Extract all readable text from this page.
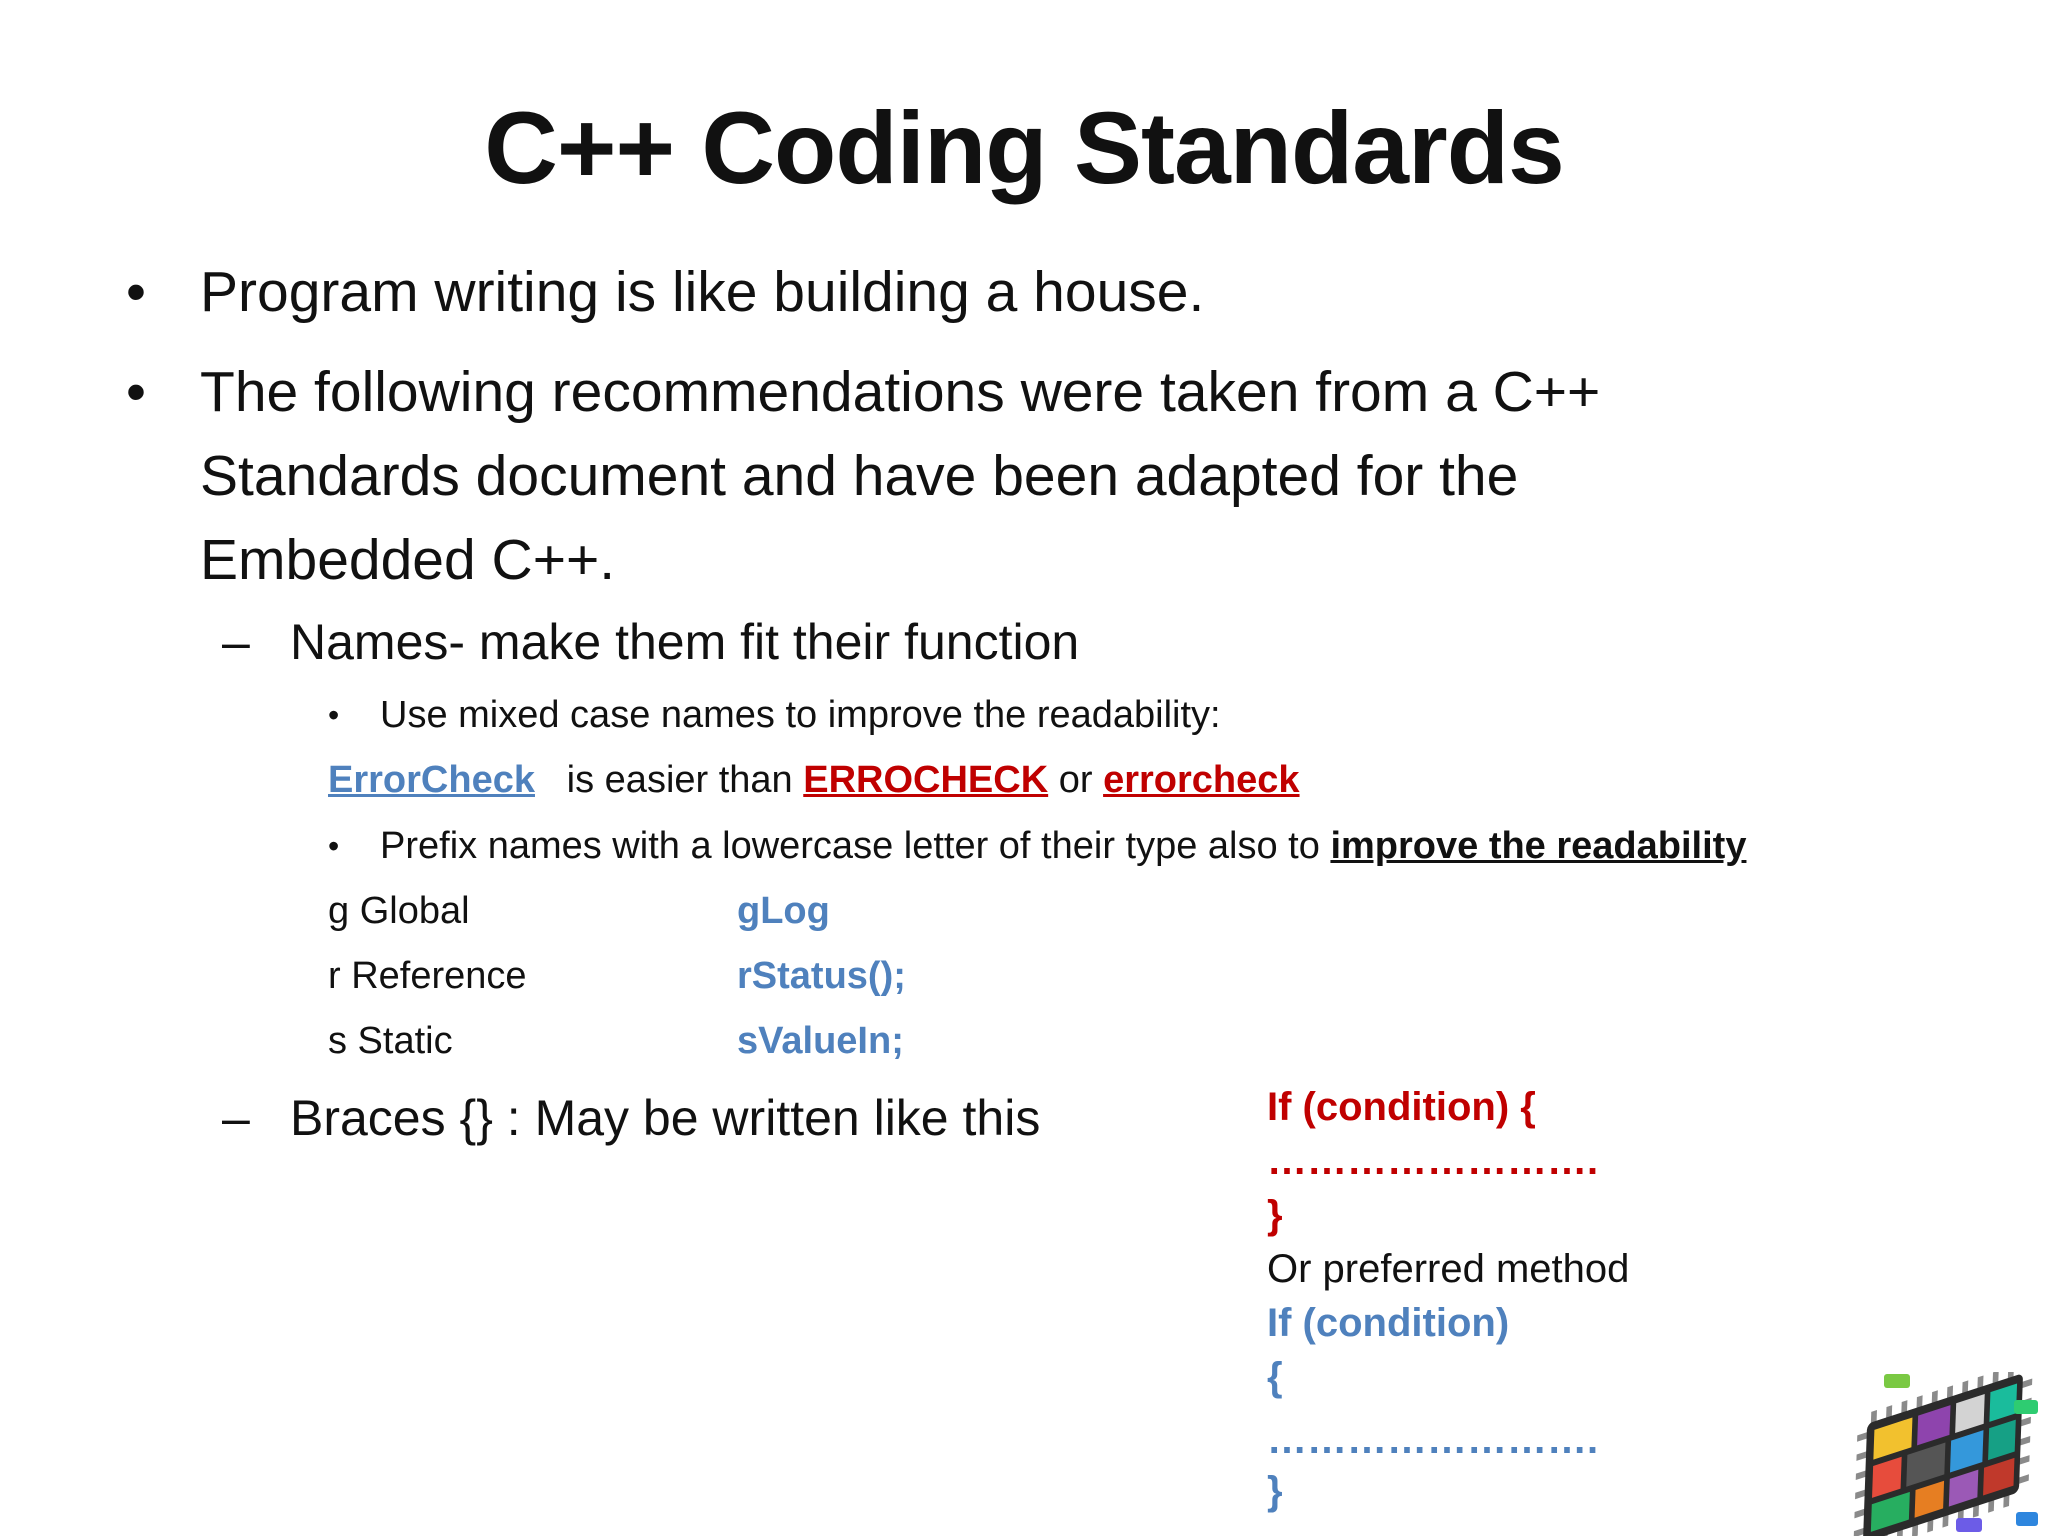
C++ Coding Standards
• Program writing is like building a house.
• The following recommendations were taken from a C++
Standards document and have been adapted for the
Embedded C++.
– Names- make them fit their function
• Use mixed case names to improve the readability:
ErrorCheck is easier than ERROCHECK or errorcheck
• Prefix names with a lowercase letter of their type also to improve the readability
g Global	gLog
r Reference	rStatus();
s Static	sValueIn;
– Braces {} : May be written like this	If (condition) {
…………………….
}
Or preferred method
If (condition)
{
…………………….
}
